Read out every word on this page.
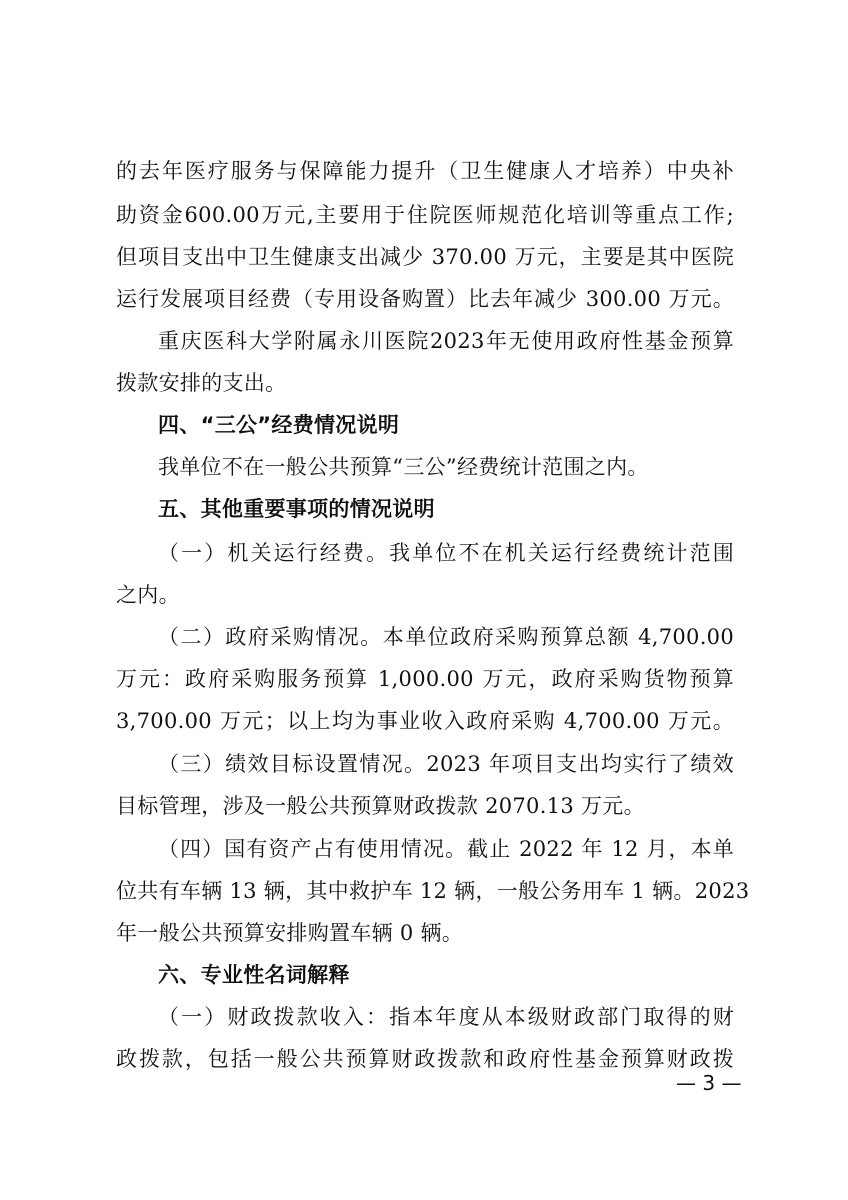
的去年医疗服务与保障能力提升（卫生健康人才培养）中央补
助资金600.00万元,主要用于住院医师规范化培训等重点工作;
但项目支出中卫生健康支出减少 370.00 万元，主要是其中医院
运行发展项目经费（专用设备购置）比去年减少 300.00 万元。
重庆医科大学附属永川医院2023年无使用政府性基金预算
拨款安排的支出。
四、“三公”经费情况说明
我单位不在一般公共预算“三公”经费统计范围之内。
五、其他重要事项的情况说明
（一）机关运行经费。我单位不在机关运行经费统计范围
之内。
（二）政府采购情况。本单位政府采购预算总额 4,700.00
万元：政府采购服务预算 1,000.00 万元，政府采购货物预算
3,700.00 万元；以上均为事业收入政府采购 4,700.00 万元。
（三）绩效目标设置情况。2023 年项目支出均实行了绩效
目标管理，涉及一般公共预算财政拨款 2070.13 万元。
（四）国有资产占有使用情况。截止 2022 年 12 月，本单
位共有车辆 13 辆，其中救护车 12 辆，一般公务用车 1 辆。2023
年一般公共预算安排购置车辆 0 辆。
六、专业性名词解释
（一）财政拨款收入：指本年度从本级财政部门取得的财
政拨款，包括一般公共预算财政拨款和政府性基金预算财政拨
— 3 —
